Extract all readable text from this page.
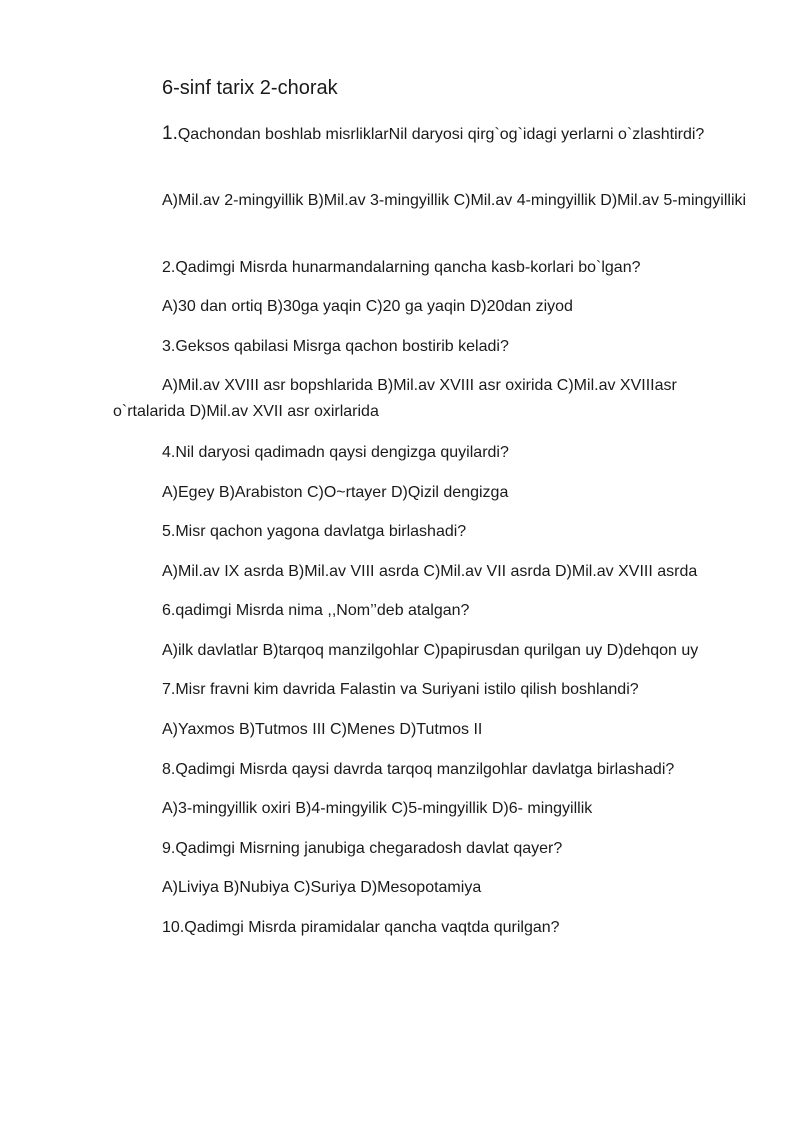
6-sinf tarix 2-chorak
1.Qachondan boshlab misrliklarNil daryosi qirg`og`idagi yerlarni o`zlashtirdi?
A)Mil.av 2-mingyillik B)Mil.av 3-mingyillik C)Mil.av 4-mingyillik D)Mil.av 5-mingyilliki
2.Qadimgi Misrda hunarmandalarning qancha kasb-korlari bo`lgan?
A)30 dan ortiq B)30ga yaqin C)20 ga yaqin D)20dan ziyod
3.Geksos qabilasi Misrga qachon bostirib keladi?
A)Mil.av XVIII asr bopshlarida B)Mil.av XVIII asr oxirida C)Mil.av XVIIIasr o`rtalarida D)Mil.av XVII asr oxirlarida
4.Nil daryosi qadimadn qaysi dengizga quyilardi?
A)Egey B)Arabiston C)O~rtayer D)Qizil dengizga
5.Misr qachon yagona davlatga birlashadi?
A)Mil.av IX asrda B)Mil.av VIII asrda C)Mil.av VII asrda D)Mil.av XVIII asrda
6.qadimgi Misrda nima ,,Nom’’deb atalgan?
A)ilk davlatlar B)tarqoq manzilgohlar C)papirusdan qurilgan uy D)dehqon uy
7.Misr fravni kim davrida Falastin va Suriyani istilo qilish boshlandi?
A)Yaxmos B)Tutmos III C)Menes D)Tutmos II
8.Qadimgi Misrda qaysi davrda tarqoq manzilgohlar davlatga birlashadi?
A)3-mingyillik oxiri B)4-mingyilik C)5-mingyillik D)6- mingyillik
9.Qadimgi Misrning janubiga chegaradosh davlat qayer?
A)Liviya B)Nubiya C)Suriya D)Mesopotamiya
10.Qadimgi Misrda piramidalar qancha vaqtda qurilgan?
